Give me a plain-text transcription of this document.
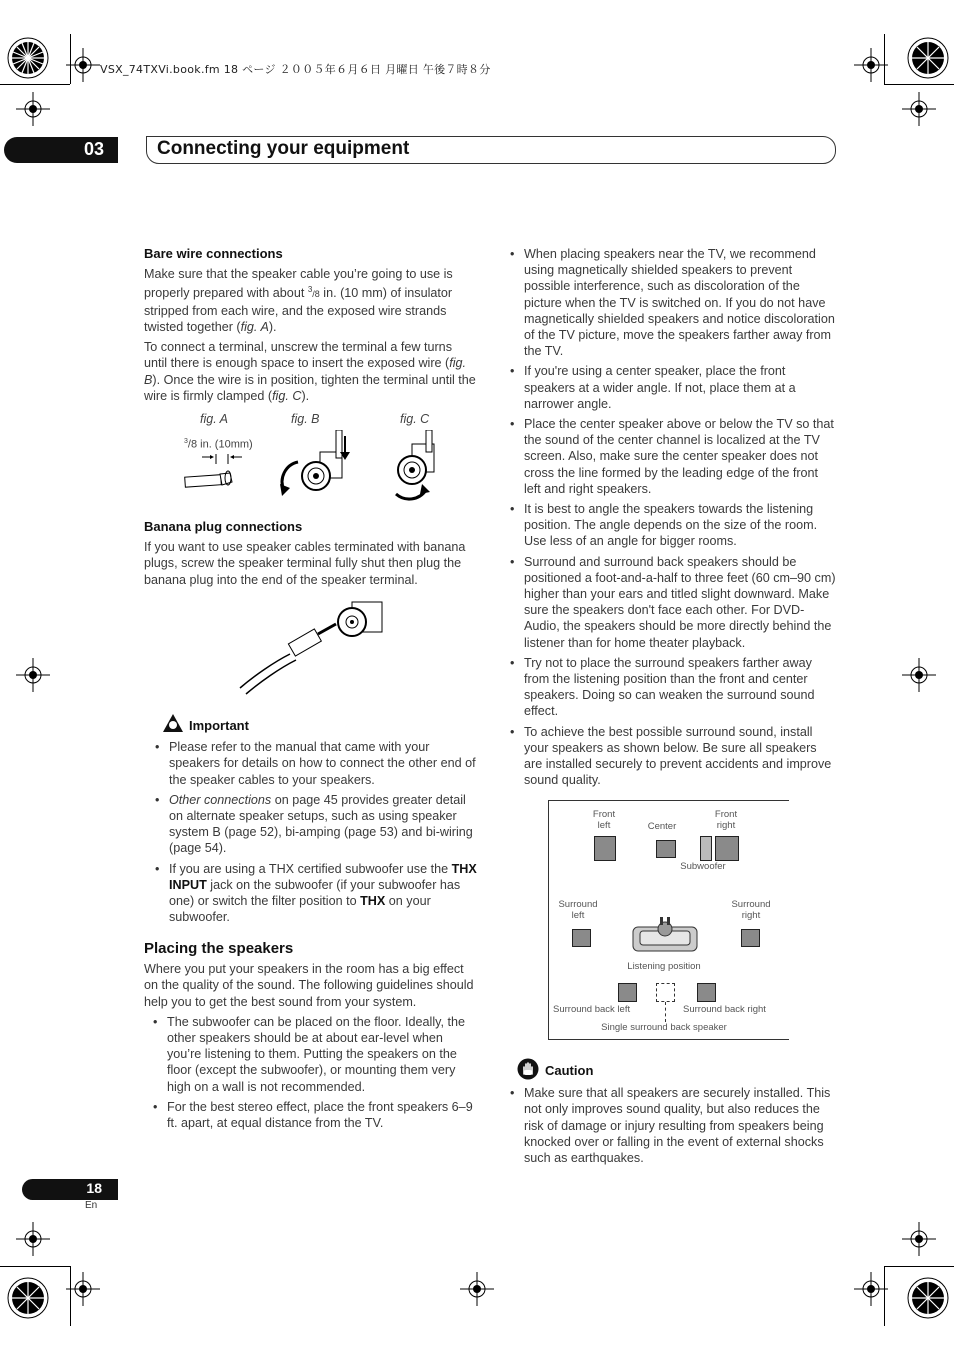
VSX_74TXVi.book.fm 18 ページ ２００５年６月６日 月曜日 午後７時８分
03	Connecting your equipment

Bare wire connections

Make sure that the speaker cable you’re going to use is properly prepared with about $^3$/8 in. (10 mm) of insulator stripped from each wire, and the exposed wire strands twisted together (fig. A).

To connect a terminal, unscrew the terminal a few turns until there is enough space to insert the exposed wire (fig. B). Once the wire is in position, tighten the terminal until the wire is firmly clamped (fig. C).

fig. A	fig. B	fig. C
$^3$/8 in. (10mm)

Banana plug connections

If you want to use speaker cables terminated with banana plugs, screw the speaker terminal fully shut then plug the banana plug into the end of the speaker terminal.

Important
• Please refer to the manual that came with your speakers for details on how to connect the other end of the speaker cables to your speakers.
• Other connections on page 45 provides greater detail on alternate speaker setups, such as using speaker system B (page 52), bi-amping (page 53) and bi-wiring (page 54).
• If you are using a THX certified subwoofer use the THX INPUT jack on the subwoofer (if your subwoofer has one) or switch the filter position to THX on your subwoofer.

Placing the speakers

Where you put your speakers in the room has a big effect on the quality of the sound. The following guidelines should help you to get the best sound from your system.

• The subwoofer can be placed on the floor. Ideally, the other speakers should be at about ear-level when you’re listening to them. Putting the speakers on the floor (except the subwoofer), or mounting them very high on a wall is not recommended.
• For the best stereo effect, place the front speakers 6–9 ft. apart, at equal distance from the TV.
• When placing speakers near the TV, we recommend using magnetically shielded speakers to prevent possible interference, such as discoloration of the picture when the TV is switched on. If you do not have magnetically shielded speakers and notice discoloration of the TV picture, move the speakers farther away from the TV.
• If you're using a center speaker, place the front speakers at a wider angle. If not, place them at a narrower angle.
• Place the center speaker above or below the TV so that the sound of the center channel is localized at the TV screen. Also, make sure the center speaker does not cross the line formed by the leading edge of the front left and right speakers.
• It is best to angle the speakers towards the listening position. The angle depends on the size of the room. Use less of an angle for bigger rooms.
• Surround and surround back speakers should be positioned a foot-and-a-half to three feet (60 cm–90 cm) higher than your ears and titled slight downward. Make sure the speakers don't face each other. For DVD-Audio, the speakers should be more directly behind the listener than for home theater playback.
• Try not to place the surround speakers farther away from the listening position than the front and center speakers. Doing so can weaken the surround sound effect.
• To achieve the best possible surround sound, install your speakers as shown below. Be sure all speakers are installed securely to prevent accidents and improve sound quality.
Front
left	Center
Front
right
Subwoofer
Surround
left
Surround
right
Listening position
Surround back left	Surround back right
Single surround back speaker
Caution
• Make sure that all speakers are securely installed. This not only improves sound quality, but also reduces the risk of damage or injury resulting from speakers being knocked over or falling in the event of external shocks such as earthquakes.
18
En
